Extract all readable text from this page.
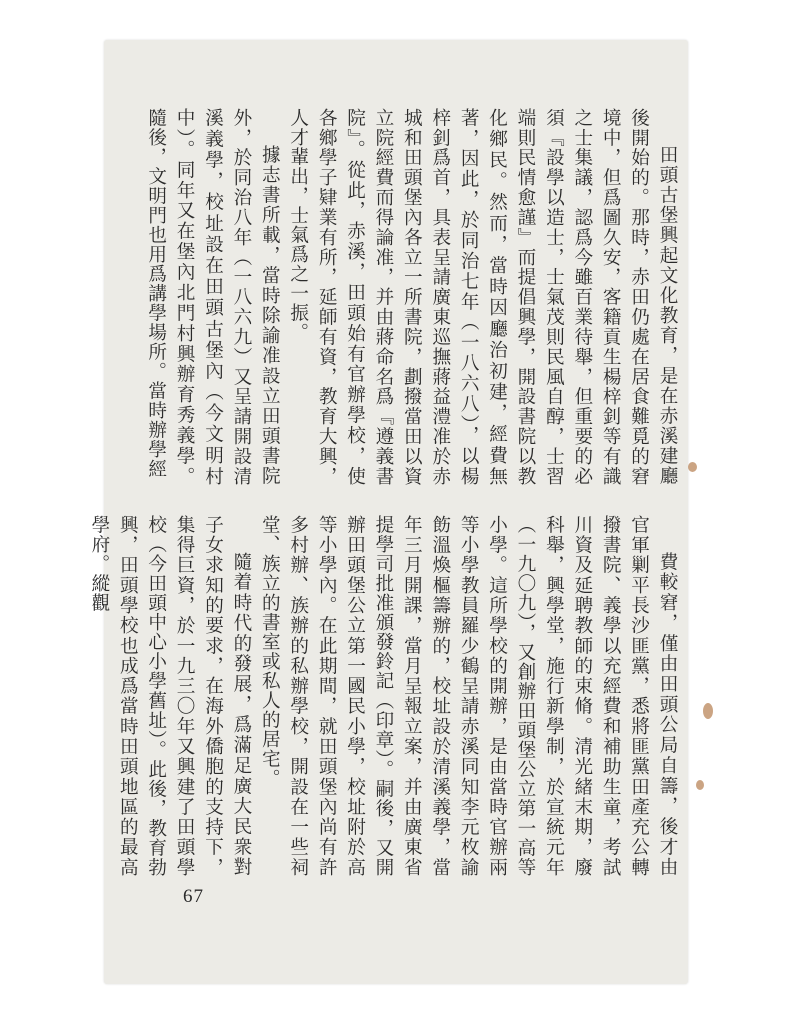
田頭古堡興起文化教育，是在赤溪建廳後開始的。那時，赤田仍處在居食難覓的窘境中，但爲圖久安，客籍貢生楊梓釗等有識之士集議，認爲今雖百業待舉，但重要的必須『設學以造士，士氣茂則民風自醇，士習端則民情愈謹』而提倡興學，開設書院以教化鄉民。然而，當時因廳治初建，經費無著，因此，於同治七年（一八六八），以楊梓釗爲首，具表呈請廣東巡撫蔣益澧准於赤城和田頭堡內各立一所書院，劃撥當田以資立院經費而得論准，并由蔣命名爲『遵義書院』。從此，赤溪，田頭始有官辦學校，使各鄉學子肄業有所，延師有資，教育大興，人才輩出，士氣爲之一振。

據志書所載，當時除諭准設立田頭書院外，於同治八年（一八六九）又呈請開設清溪義學，校址設在田頭古堡內（今文明村中）。同年又在堡內北門村興辦育秀義學。隨後，文明門也用爲講學場所。當時辦學經

費較窘，僅由田頭公局自籌，後才由官軍剿平長沙匪黨，悉將匪黨田產充公轉撥書院、義學以充經費和補助生童，考試川資及延聘教師的束脩。清光緒末期，廢科舉，興學堂，施行新學制，於宣統元年（一九〇九），又創辦田頭堡公立第一高等小學。這所學校的開辦，是由當時官辦兩等小學教員羅少鶴呈請赤溪同知李元枚諭飭溫煥樞籌辦的，校址設於清溪義學，當年三月開課，當月呈報立案，并由廣東省提學司批准頒發鈴記（印章）。嗣後，又開辦田頭堡公立第一國民小學，校址附於高等小學內。在此期間，就田頭堡內尚有許多村辦、族辦的私辦學校，開設在一些祠堂、族立的書室或私人的居宅。

隨着時代的發展，爲滿足廣大民衆對子女求知的要求，在海外僑胞的支持下，集得巨資，於一九三〇年又興建了田頭學校（今田頭中心小學舊址）。此後，教育勃興，田頭學校也成爲當時田頭地區的最高學府。縱觀

67
